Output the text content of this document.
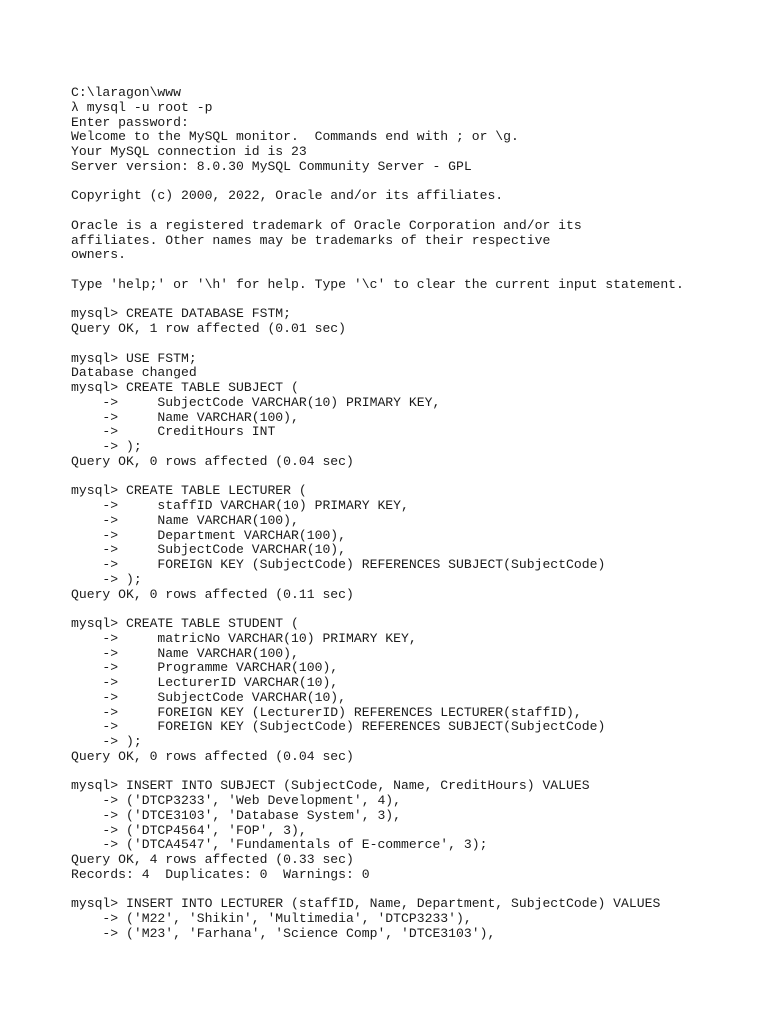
C:\laragon\www
λ mysql -u root -p
Enter password:
Welcome to the MySQL monitor.  Commands end with ; or \g.
Your MySQL connection id is 23
Server version: 8.0.30 MySQL Community Server - GPL
Copyright (c) 2000, 2022, Oracle and/or its affiliates.
Oracle is a registered trademark of Oracle Corporation and/or its
affiliates. Other names may be trademarks of their respective
owners.
Type 'help;' or '\h' for help. Type '\c' to clear the current input statement.
mysql> CREATE DATABASE FSTM;
Query OK, 1 row affected (0.01 sec)
mysql> USE FSTM;
Database changed
mysql> CREATE TABLE SUBJECT (
->     SubjectCode VARCHAR(10) PRIMARY KEY,
->     Name VARCHAR(100),
->     CreditHours INT
-> );
Query OK, 0 rows affected (0.04 sec)
mysql> CREATE TABLE LECTURER (
->     staffID VARCHAR(10) PRIMARY KEY,
->     Name VARCHAR(100),
->     Department VARCHAR(100),
->     SubjectCode VARCHAR(10),
->     FOREIGN KEY (SubjectCode) REFERENCES SUBJECT(SubjectCode)
-> );
Query OK, 0 rows affected (0.11 sec)
mysql> CREATE TABLE STUDENT (
->     matricNo VARCHAR(10) PRIMARY KEY,
->     Name VARCHAR(100),
->     Programme VARCHAR(100),
->     LecturerID VARCHAR(10),
->     SubjectCode VARCHAR(10),
->     FOREIGN KEY (LecturerID) REFERENCES LECTURER(staffID),
->     FOREIGN KEY (SubjectCode) REFERENCES SUBJECT(SubjectCode)
-> );
Query OK, 0 rows affected (0.04 sec)
mysql> INSERT INTO SUBJECT (SubjectCode, Name, CreditHours) VALUES
-> ('DTCP3233', 'Web Development', 4),
-> ('DTCE3103', 'Database System', 3),
-> ('DTCP4564', 'FOP', 3),
-> ('DTCA4547', 'Fundamentals of E-commerce', 3);
Query OK, 4 rows affected (0.33 sec)
Records: 4  Duplicates: 0  Warnings: 0
mysql> INSERT INTO LECTURER (staffID, Name, Department, SubjectCode) VALUES
-> ('M22', 'Shikin', 'Multimedia', 'DTCP3233'),
-> ('M23', 'Farhana', 'Science Comp', 'DTCE3103'),
